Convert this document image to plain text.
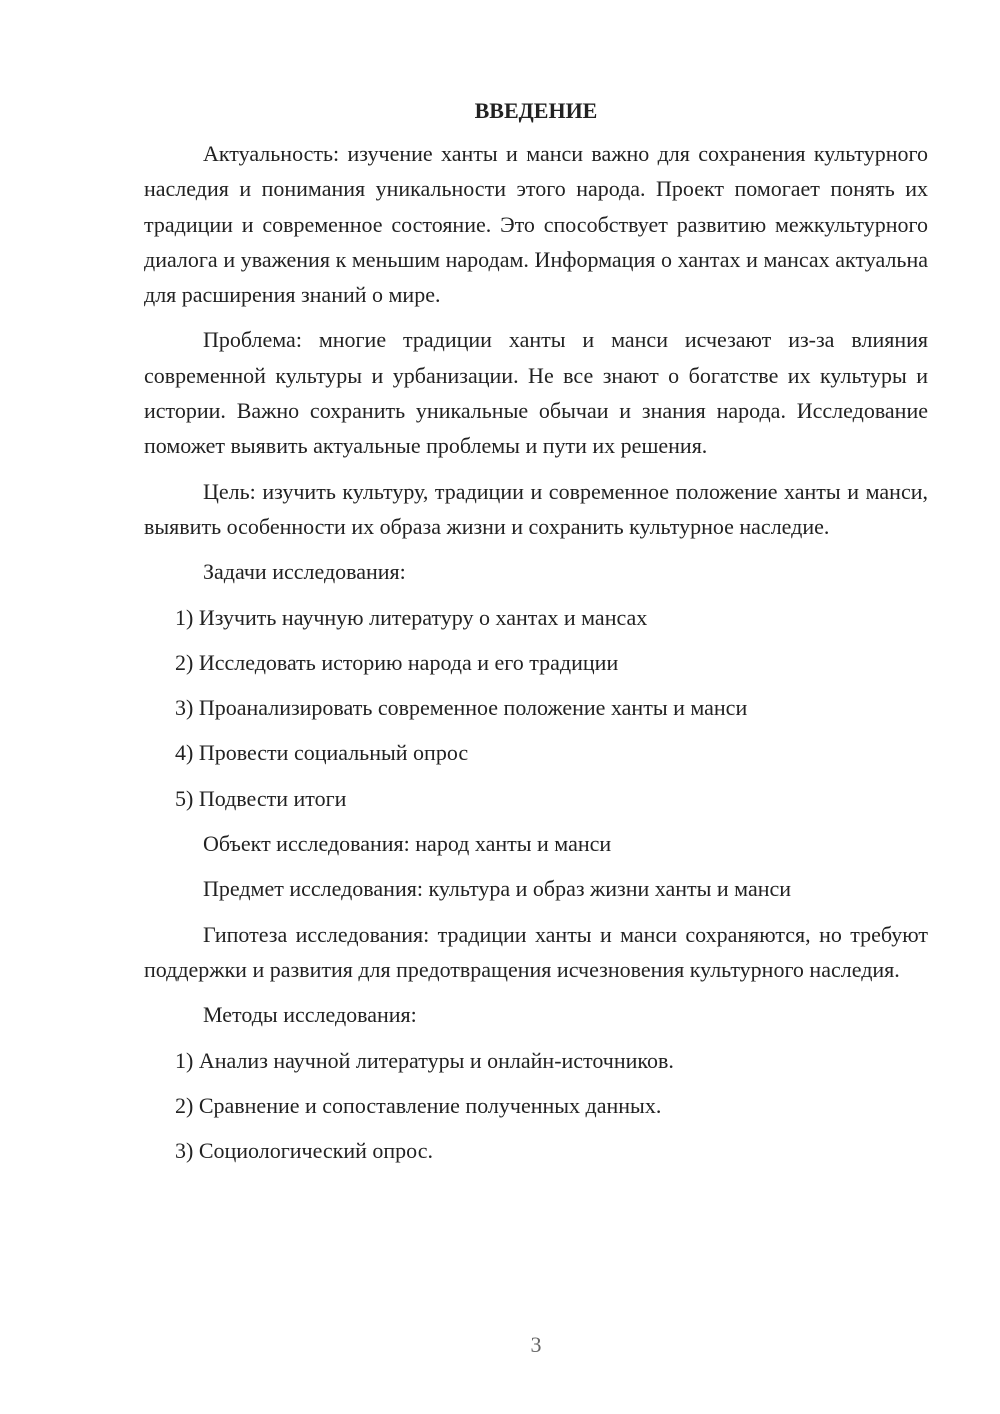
ВВЕДЕНИЕ

Актуальность: изучение ханты и манси важно для сохранения культурного наследия и понимания уникальности этого народа. Проект помогает понять их традиции и современное состояние. Это способствует развитию межкультурного диалога и уважения к меньшим народам. Информация о хантах и мансах актуальна для расширения знаний о мире.

Проблема: многие традиции ханты и манси исчезают из-за влияния современной культуры и урбанизации. Не все знают о богатстве их культуры и истории. Важно сохранить уникальные обычаи и знания народа. Исследование поможет выявить актуальные проблемы и пути их решения.

Цель: изучить культуру, традиции и современное положение ханты и манси, выявить особенности их образа жизни и сохранить культурное наследие.

Задачи исследования:

1) Изучить научную литературу о хантах и мансах

2) Исследовать историю народа и его традиции

3) Проанализировать современное положение ханты и манси

4) Провести социальный опрос

5) Подвести итоги

Объект исследования: народ ханты и манси

Предмет исследования: культура и образ жизни ханты и манси

Гипотеза исследования: традиции ханты и манси сохраняются, но требуют поддержки и развития для предотвращения исчезновения культурного наследия.

Методы исследования:

1) Анализ научной литературы и онлайн-источников.

2) Сравнение и сопоставление полученных данных.

3) Социологический опрос.

3
